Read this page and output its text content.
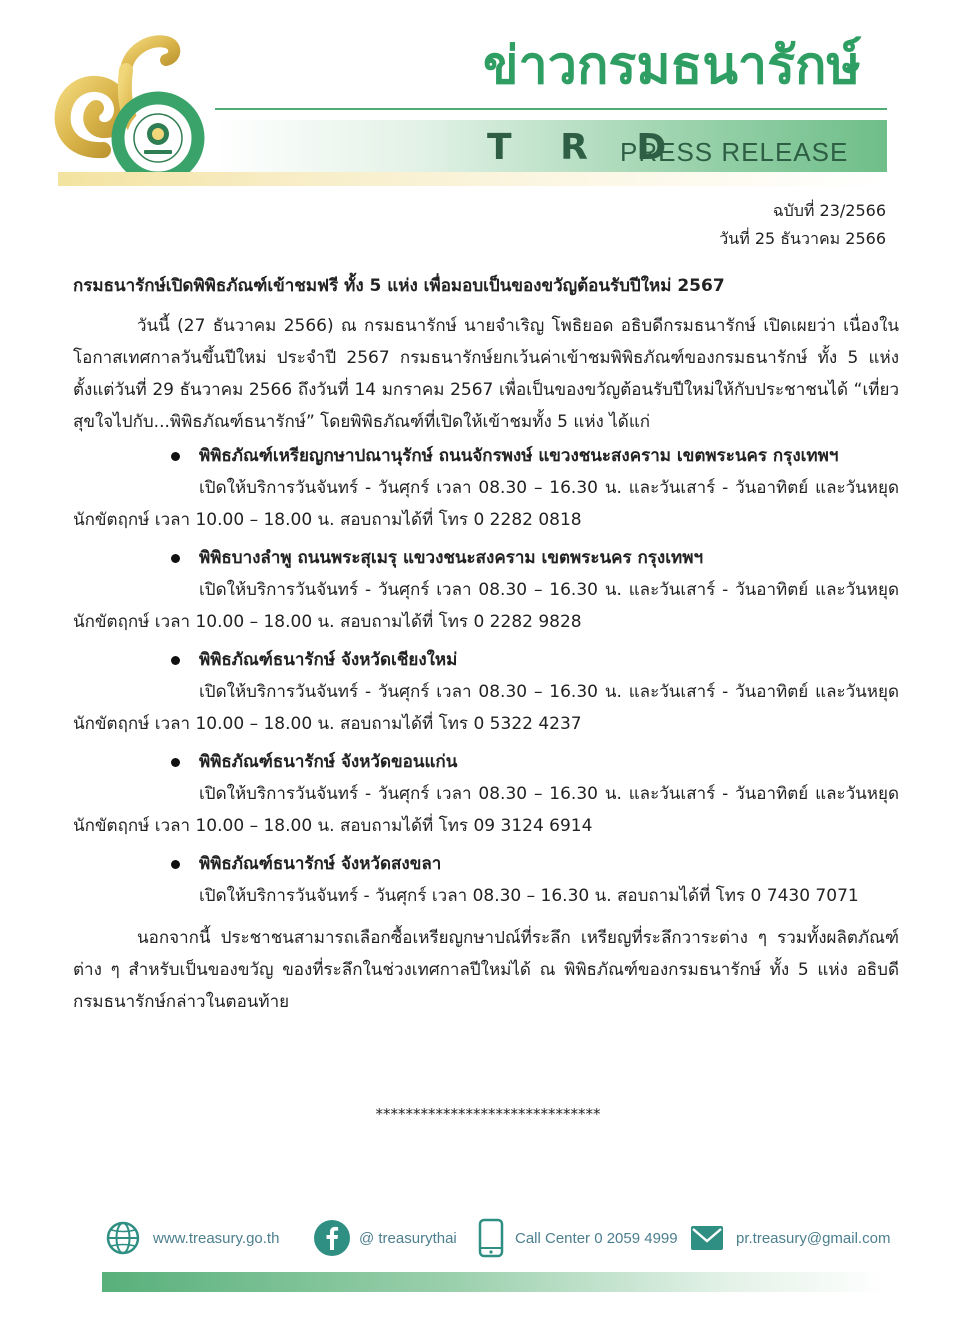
ข่าวกรมธนารักษ์
T R D
PRESS RELEASE
ฉบับที่ 23/2566
วันที่ 25 ธันวาคม 2566
กรมธนารักษ์เปิดพิพิธภัณฑ์เข้าชมฟรี ทั้ง 5 แห่ง เพื่อมอบเป็นของขวัญต้อนรับปีใหม่ 2567

วันนี้ (27 ธันวาคม 2566) ณ กรมธนารักษ์ นายจำเริญ โพธิยอด อธิบดีกรมธนารักษ์ เปิดเผยว่า เนื่องในโอกาสเทศกาลวันขึ้นปีใหม่ ประจำปี 2567 กรมธนารักษ์ยกเว้นค่าเข้าชมพิพิธภัณฑ์ของกรมธนารักษ์ ทั้ง 5 แห่ง ตั้งแต่วันที่ 29 ธันวาคม 2566 ถึงวันที่ 14 มกราคม 2567 เพื่อเป็นของขวัญต้อนรับปีใหม่ให้กับประชาชนได้ “เที่ยวสุขใจไปกับ...พิพิธภัณฑ์ธนารักษ์” โดยพิพิธภัณฑ์ที่เปิดให้เข้าชมทั้ง 5 แห่ง ได้แก่

พิพิธภัณฑ์เหรียญกษาปณานุรักษ์ ถนนจักรพงษ์ แขวงชนะสงคราม เขตพระนคร กรุงเทพฯ

เปิดให้บริการวันจันทร์ - วันศุกร์ เวลา 08.30 – 16.30 น. และวันเสาร์ - วันอาทิตย์ และวันหยุดนักขัตฤกษ์ เวลา 10.00 – 18.00 น. สอบถามได้ที่ โทร 0 2282 0818

พิพิธบางลำพู ถนนพระสุเมรุ แขวงชนะสงคราม เขตพระนคร กรุงเทพฯ

เปิดให้บริการวันจันทร์ - วันศุกร์ เวลา 08.30 – 16.30 น. และวันเสาร์ - วันอาทิตย์ และวันหยุดนักขัตฤกษ์ เวลา 10.00 – 18.00 น. สอบถามได้ที่ โทร 0 2282 9828

พิพิธภัณฑ์ธนารักษ์ จังหวัดเชียงใหม่

เปิดให้บริการวันจันทร์ - วันศุกร์ เวลา 08.30 – 16.30 น. และวันเสาร์ - วันอาทิตย์ และวันหยุดนักขัตฤกษ์ เวลา 10.00 – 18.00 น. สอบถามได้ที่ โทร 0 5322 4237

พิพิธภัณฑ์ธนารักษ์ จังหวัดขอนแก่น

เปิดให้บริการวันจันทร์ - วันศุกร์ เวลา 08.30 – 16.30 น. และวันเสาร์ - วันอาทิตย์ และวันหยุดนักขัตฤกษ์ เวลา 10.00 – 18.00 น. สอบถามได้ที่ โทร 09 3124 6914

พิพิธภัณฑ์ธนารักษ์ จังหวัดสงขลา

เปิดให้บริการวันจันทร์ - วันศุกร์ เวลา 08.30 – 16.30 น. สอบถามได้ที่ โทร 0 7430 7071

นอกจากนี้ ประชาชนสามารถเลือกซื้อเหรียญกษาปณ์ที่ระลึก เหรียญที่ระลึกวาระต่าง ๆ รวมทั้งผลิตภัณฑ์ต่าง ๆ สำหรับเป็นของขวัญ ของที่ระลึกในช่วงเทศกาลปีใหม่ได้ ณ พิพิธภัณฑ์ของกรมธนารักษ์ ทั้ง 5 แห่ง อธิบดีกรมธนารักษ์กล่าวในตอนท้าย

******************************
www.treasury.go.th	@ treasurythai	Call Center 0 2059 4999	pr.treasury@gmail.com
